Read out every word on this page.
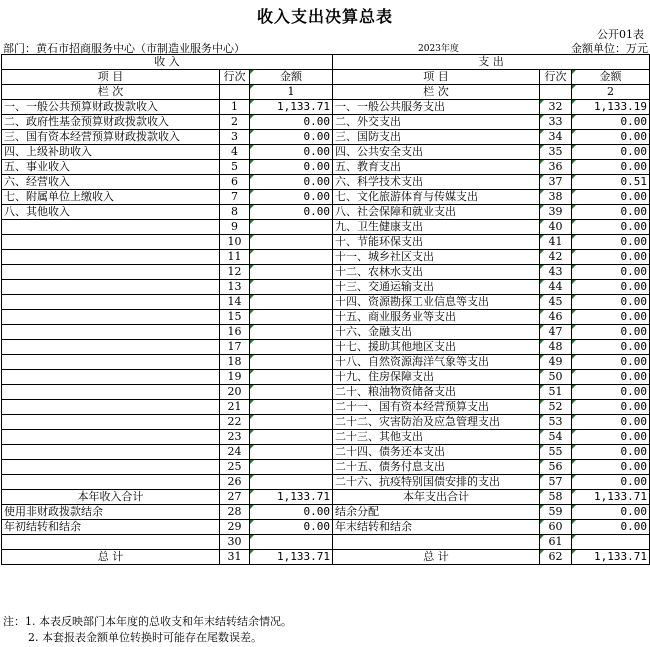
收入支出决算总表
公开01表
部门：黄石市招商服务中心（市制造业服务中心）	2023年度	金额单位：万元
收 入			支 出		
项 目	行次	金额	项 目	行次	金额
栏 次		1	栏 次		2
一、一般公共预算财政拨款收入	1	1,133.71	一、一般公共服务支出	32	1,133.19
二、政府性基金预算财政拨款收入	2	0.00	二、外交支出	33	0.00
三、国有资本经营预算财政拨款收入	3	0.00	三、国防支出	34	0.00
四、上级补助收入	4	0.00	四、公共安全支出	35	0.00
五、事业收入	5	0.00	五、教育支出	36	0.00
六、经营收入	6	0.00	六、科学技术支出	37	0.51
七、附属单位上缴收入	7	0.00	七、文化旅游体育与传媒支出	38	0.00
八、其他收入	8	0.00	八、社会保障和就业支出	39	0.00
	9		九、卫生健康支出	40	0.00
	10		十、节能环保支出	41	0.00
	11		十一、城乡社区支出	42	0.00
	12		十二、农林水支出	43	0.00
	13		十三、交通运输支出	44	0.00
	14		十四、资源勘探工业信息等支出	45	0.00
	15		十五、商业服务业等支出	46	0.00
	16		十六、金融支出	47	0.00
	17		十七、援助其他地区支出	48	0.00
	18		十八、自然资源海洋气象等支出	49	0.00
	19		十九、住房保障支出	50	0.00
	20		二十、粮油物资储备支出	51	0.00
	21		二十一、国有资本经营预算支出	52	0.00
	22		二十二、灾害防治及应急管理支出	53	0.00
	23		二十三、其他支出	54	0.00
	24		二十四、债务还本支出	55	0.00
	25		二十五、债务付息支出	56	0.00
	26		二十六、抗疫特别国债安排的支出	57	0.00
本年收入合计	27	1,133.71	本年支出合计	58	1,133.71
使用非财政拨款结余	28	0.00	结余分配	59	0.00
年初结转和结余	29	0.00	年末结转和结余	60	0.00
	30			61	
总 计	31	1,133.71	总 计	62	1,133.71
注：1. 本表反映部门本年度的总收支和年末结转结余情况。
2. 本套报表金额单位转换时可能存在尾数误差。
